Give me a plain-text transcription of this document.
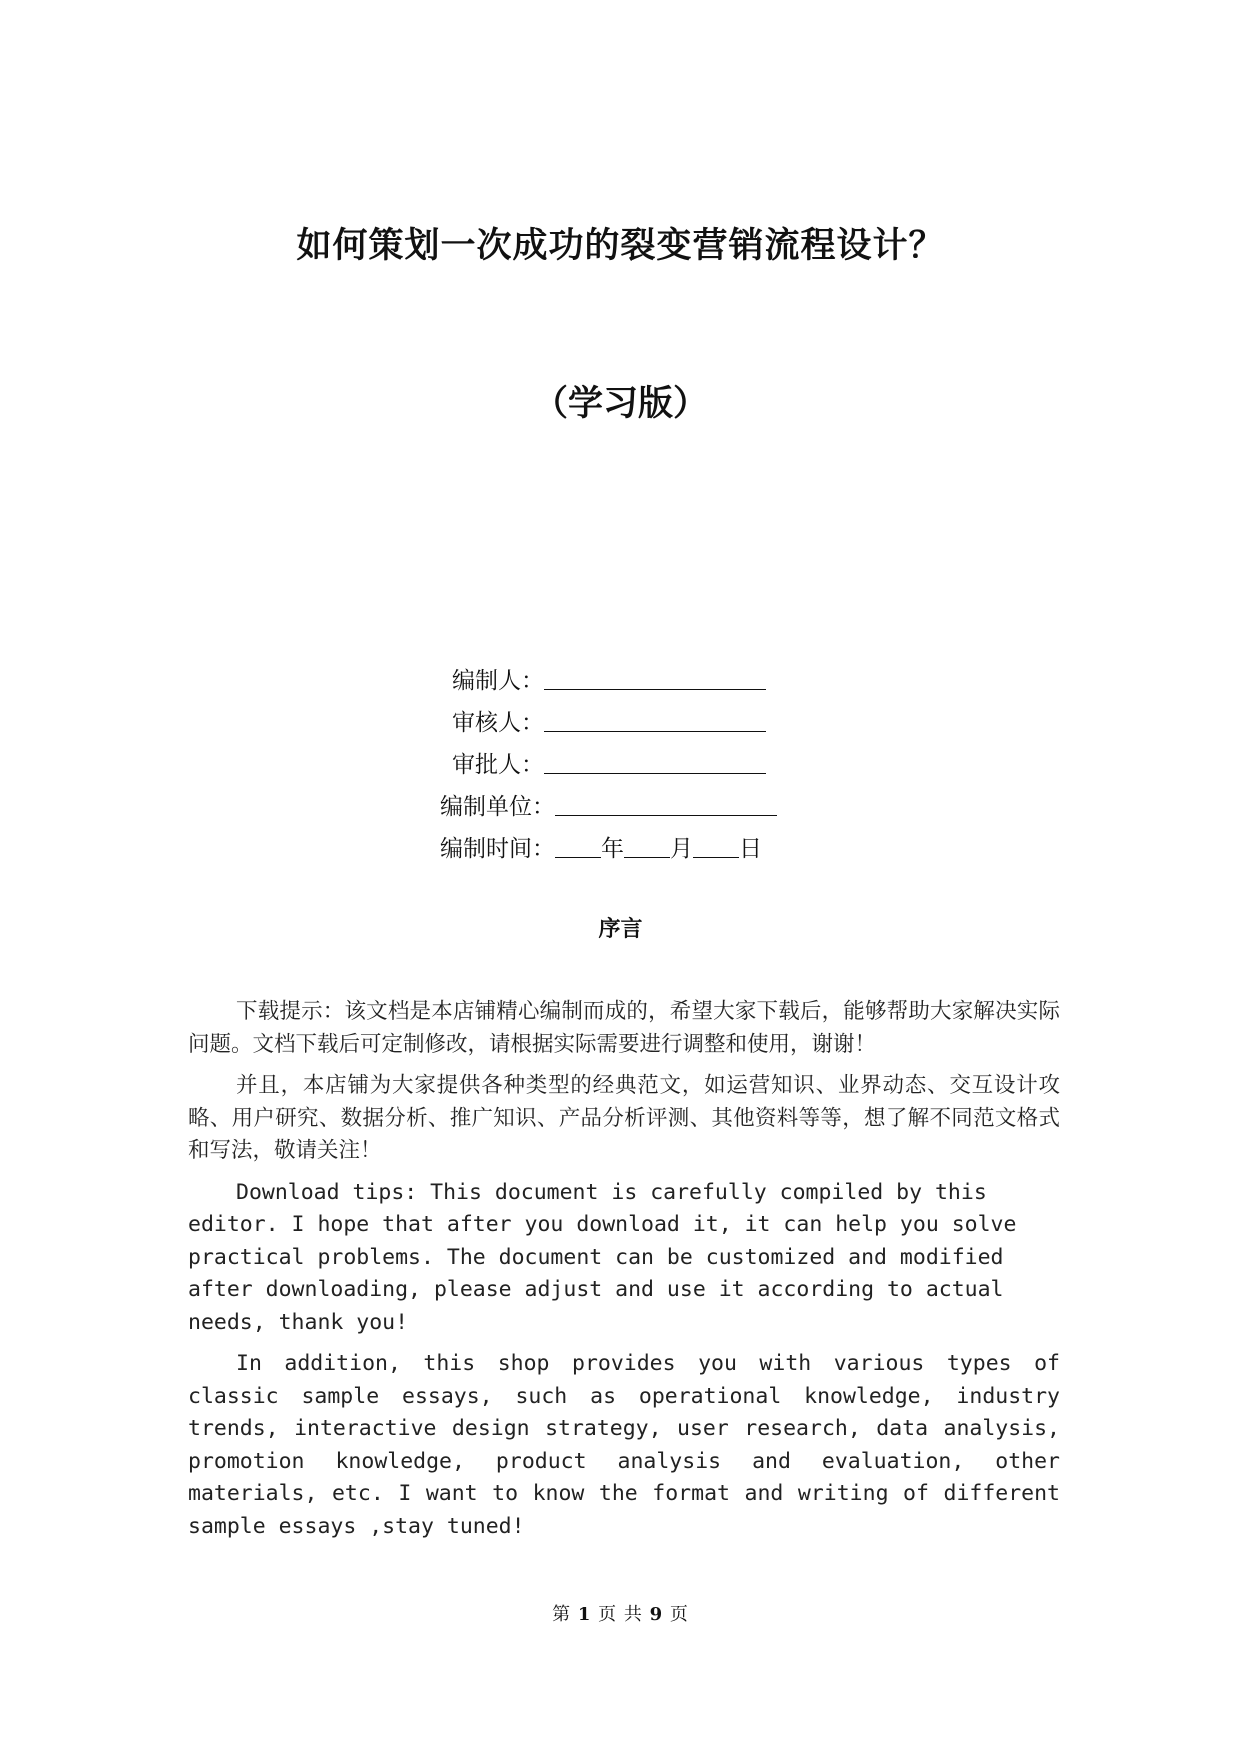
如何策划一次成功的裂变营销流程设计？
（学习版）
编制人：
审核人：
审批人：
编制单位：
编制时间： 年 月 日
序言

下载提示：该文档是本店铺精心编制而成的，希望大家下载后，能够帮助大家解决实际问题。文档下载后可定制修改，请根据实际需要进行调整和使用，谢谢！

并且，本店铺为大家提供各种类型的经典范文，如运营知识、业界动态、交互设计攻略、用户研究、数据分析、推广知识、产品分析评测、其他资料等等，想了解不同范文格式和写法，敬请关注！

Download tips: This document is carefully compiled by this editor. I hope that after you download it, it can help you solve practical problems. The document can be customized and modified after downloading, please adjust and use it according to actual needs, thank you!

In addition, this shop provides you with various types of classic sample essays, such as operational knowledge, industry trends, interactive design strategy, user research, data analysis, promotion knowledge, product analysis and evaluation, other materials, etc. I want to know the format and writing of different sample essays ,stay tuned!

第 1 页 共 9 页
